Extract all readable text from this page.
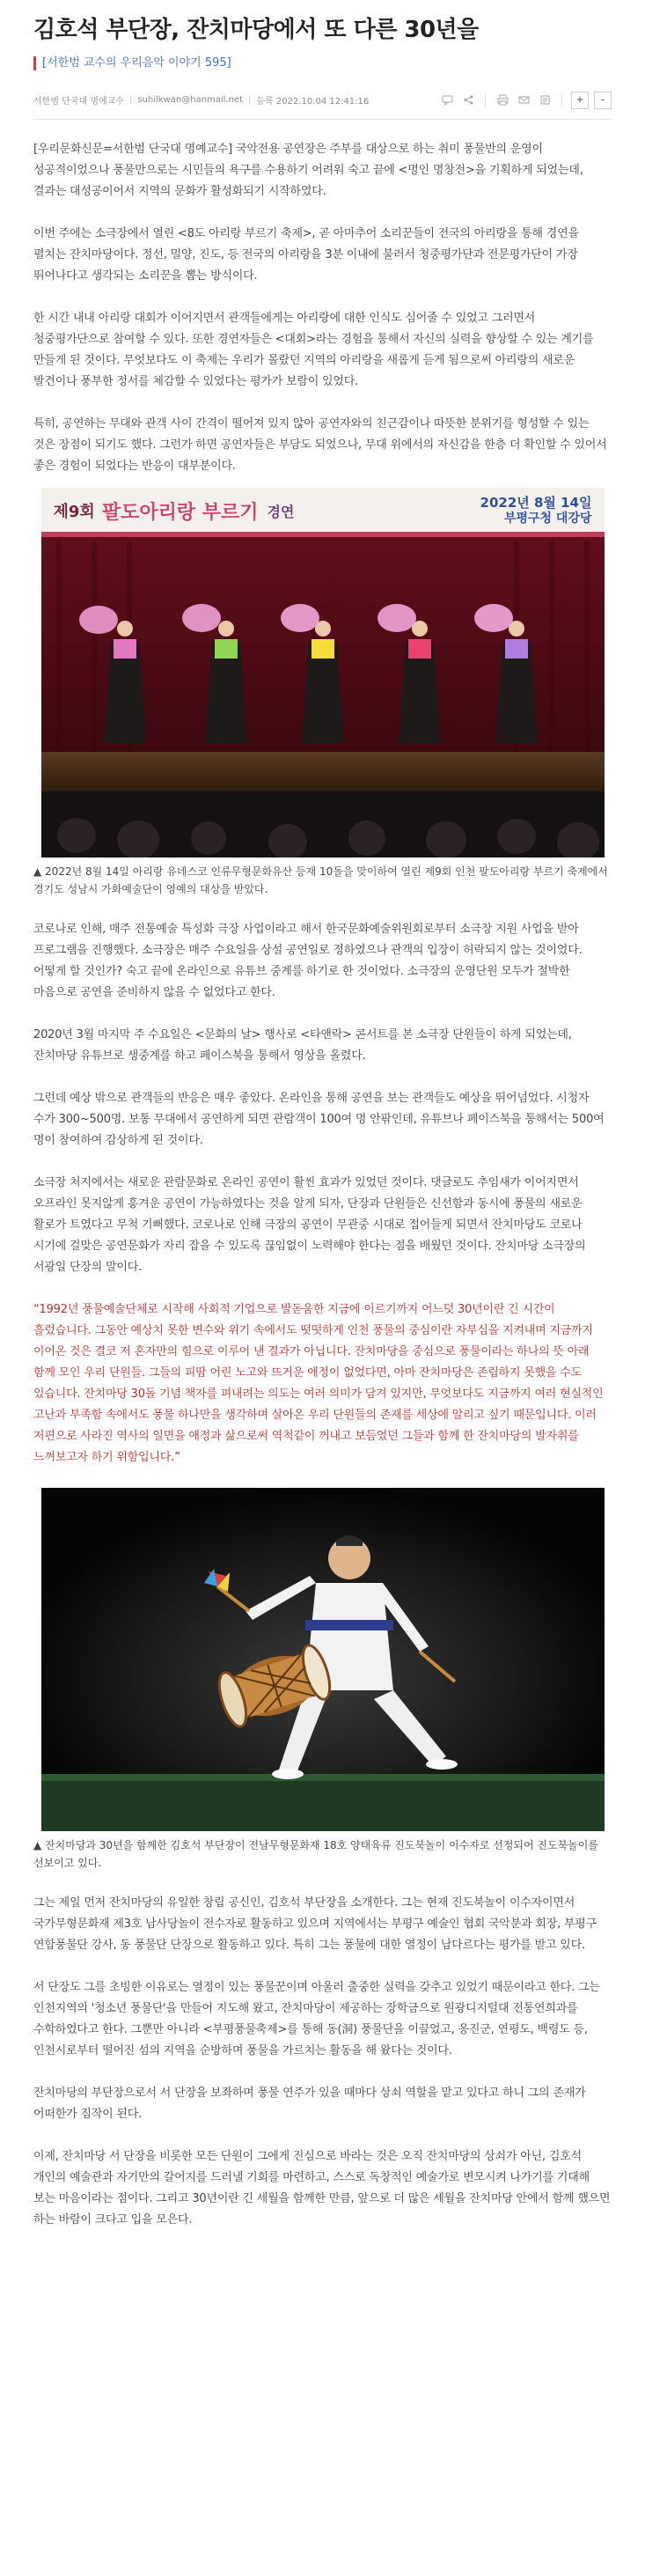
김호석 부단장, 잔치마당에서 또 다른 30년을
[서한범 교수의 우리음악 이야기 595]
서한범 단국대 명예교수 | suhilkwan@hanmail.net | 등록 2022.10.04 12:41:16	+	-

[우리문화신문=서한범 단국대 명예교수] 국악전용 공연장은 주부를 대상으로 하는 취미 풍물반의 운영이 성공적이었으나 풍물만으로는 시민들의 욕구를 수용하기 어려워 숙고 끝에 <명인 명창전>을 기획하게 되었는데, 결과는 대성공이어서 지역의 문화가 활성화되기 시작하였다.

이번 주에는 소극장에서 열린 <8도 아리랑 부르기 축제>, 곧 아마추어 소리꾼들이 전국의 아리랑을 통해 경연을 펼치는 잔치마당이다. 정선, 밀양, 진도, 등 전국의 아리랑을 3분 이내에 불러서 청중평가단과 전문평가단이 가장 뛰어나다고 생각되는 소리꾼을 뽑는 방식이다.

한 시간 내내 아리랑 대회가 이어지면서 관객들에게는 아리랑에 대한 인식도 심어줄 수 있었고 그러면서 청중평가단으로 참여할 수 있다. 또한 경연자들은 <대회>라는 경험을 통해서 자신의 실력을 향상할 수 있는 계기를 만들게 된 것이다. 무엇보다도 이 축제는 우리가 몰랐던 지역의 아리랑을 새롭게 듣게 됨으로써 아리랑의 새로운 발견이나 풍부한 정서를 체감할 수 있었다는 평가가 보람이 있었다.

특히, 공연하는 무대와 관객 사이 간격이 떨어져 있지 않아 공연자와의 친근감이나 따뜻한 분위기를 형성할 수 있는 것은 장점이 되기도 했다. 그런가 하면 공연자들은 부담도 되었으나, 무대 위에서의 자신감을 한층 더 확인할 수 있어서 좋은 경험이 되었다는 반응이 대부분이다.

제9회 팔도아리랑 부르기 경연
2022년 8월 14일
부평구청 대강당

▲ 2022년 8월 14일 아리랑 유네스코 인류무형문화유산 등재 10돌을 맞이하여 열린 제9회 인천 팔도아리랑 부르기 축제에서 경기도 성남시 가화예술단이 영예의 대상을 받았다.

코로나로 인해, 매주 전통예술 특성화 극장 사업이라고 해서 한국문화예술위원회로부터 소극장 지원 사업을 받아 프로그램을 진행했다. 소극장은 매주 수요일을 상설 공연일로 정하였으나 관객의 입장이 허락되지 않는 것이었다. 어떻게 할 것인가? 숙고 끝에 온라인으로 유튜브 중계를 하기로 한 것이었다. 소극장의 운영단원 모두가 절박한 마음으로 공연을 준비하지 않을 수 없었다고 한다.

2020년 3월 마지막 주 수요일은 <문화의 날> 행사로 <타앤락> 콘서트를 본 소극장 단원들이 하게 되었는데, 잔치마당 유튜브로 생중계를 하고 페이스북을 통해서 영상을 올렸다.

그런데 예상 밖으로 관객들의 반응은 매우 좋았다. 온라인을 통해 공연을 보는 관객들도 예상을 뛰어넘었다. 시청자 수가 300~500명. 보통 무대에서 공연하게 되면 관람객이 100여 명 안팎인데, 유튜브나 페이스북을 통해서는 500여 명이 참여하여 감상하게 된 것이다.

소극장 처지에서는 새로운 관람문화로 온라인 공연이 활씬 효과가 있었던 것이다. 댓글로도 추임새가 이어지면서 오프라인 못지않게 흥겨운 공연이 가능하였다는 것을 알게 되자, 단장과 단원들은 신선함과 동시에 풍물의 새로운 활로가 트였다고 무척 기뻐했다. 코로나로 인해 극장의 공연이 무관중 시대로 접어들게 되면서 잔치마당도 코로나 시기에 걸맞은 공연문화가 자리 잡을 수 있도록 끊임없이 노력해야 한다는 점을 배웠던 것이다. 잔치마당 소극장의 서광일 단장의 말이다.

“1992년 풍물예술단체로 시작해 사회적 기업으로 발돋움한 지금에 이르기까지 어느덧 30년이란 긴 시간이 흘렀습니다. 그동안 예상치 못한 변수와 위기 속에서도 떳떳하게 인천 풍물의 중심이란 자부심을 지켜내며 지금까지 이어온 것은 결코 저 혼자만의 힘으로 이루어 낸 결과가 아닙니다. 잔치마당을 중심으로 풍물이라는 하나의 뜻 아래 함께 모인 우리 단원들. 그들의 피땀 어린 노고와 뜨거운 애정이 없었다면, 아마 잔치마당은 존립하지 못했을 수도 있습니다. 잔치마당 30돌 기념 책자를 펴내려는 의도는 여러 의미가 담겨 있지만, 무엇보다도 지금까지 여러 현실적인 고난과 부족함 속에서도 풍물 하나만을 생각하며 살아온 우리 단원들의 존재를 세상에 알리고 싶기 때문입니다. 이러 저편으로 사라진 역사의 일면을 애정과 삶으로써 역척같이 꺼내고 보듬었던 그들과 함께 한 잔치마당의 발자취를 느껴보고자 하기 위함입니다.”

▲ 잔치마당과 30년을 함께한 김호석 부단장이 전남무형문화재 18호 양태육류 진도북놀이 이수자로 선정되어 진도북놀이를 선보이고 있다.

그는 제일 먼저 잔치마당의 유일한 창립 공신인, 김호석 부단장을 소개한다. 그는 현재 진도북놀이 이수자이면서 국가무형문화재 제3호 남사당놀이 전수자로 활동하고 있으며 지역에서는 부평구 예술인 협회 국악분과 회장, 부평구 연합풍물단 강사, 동 풍물단 단장으로 활동하고 있다. 특히 그는 풍물에 대한 열정이 남다르다는 평가를 받고 있다.

서 단장도 그를 초빙한 이유로는 열정이 있는 풍물꾼이며 아울러 출중한 실력을 갖추고 있었기 때문이라고 한다. 그는 인천지역의 '청소년 풍물단'을 만들어 지도해 왔고, 잔치마당이 제공하는 장학금으로 원광디지털대 전통연희과를 수학하였다고 한다. 그뿐만 아니라 <부평풍물축제>를 통해 동(洞) 풍물단을 이끌었고, 옹진군, 연평도, 백령도 등, 인천시로부터 떨어진 섬의 지역을 순방하며 풍물을 가르치는 활동을 해 왔다는 것이다.

잔치마당의 부단장으로서 서 단장을 보좌하며 풍물 연주가 있을 때마다 상쇠 역할을 맡고 있다고 하니 그의 존재가 어떠한가 짐작이 된다.

이제, 잔치마당 서 단장을 비롯한 모든 단원이 그에게 진심으로 바라는 것은 오직 잔치마당의 상쇠가 아닌, 김호석 개인의 예술관과 자기만의 갈어지를 드러낼 기회를 마련하고, 스스로 독창적인 예술가로 변모시켜 나가기를 기대해 보는 마음이라는 점이다. 그리고 30년이란 긴 세월을 함께한 만큼, 앞으로 더 많은 세월을 잔치마당 안에서 함께 했으면 하는 바람이 크다고 입을 모은다.
